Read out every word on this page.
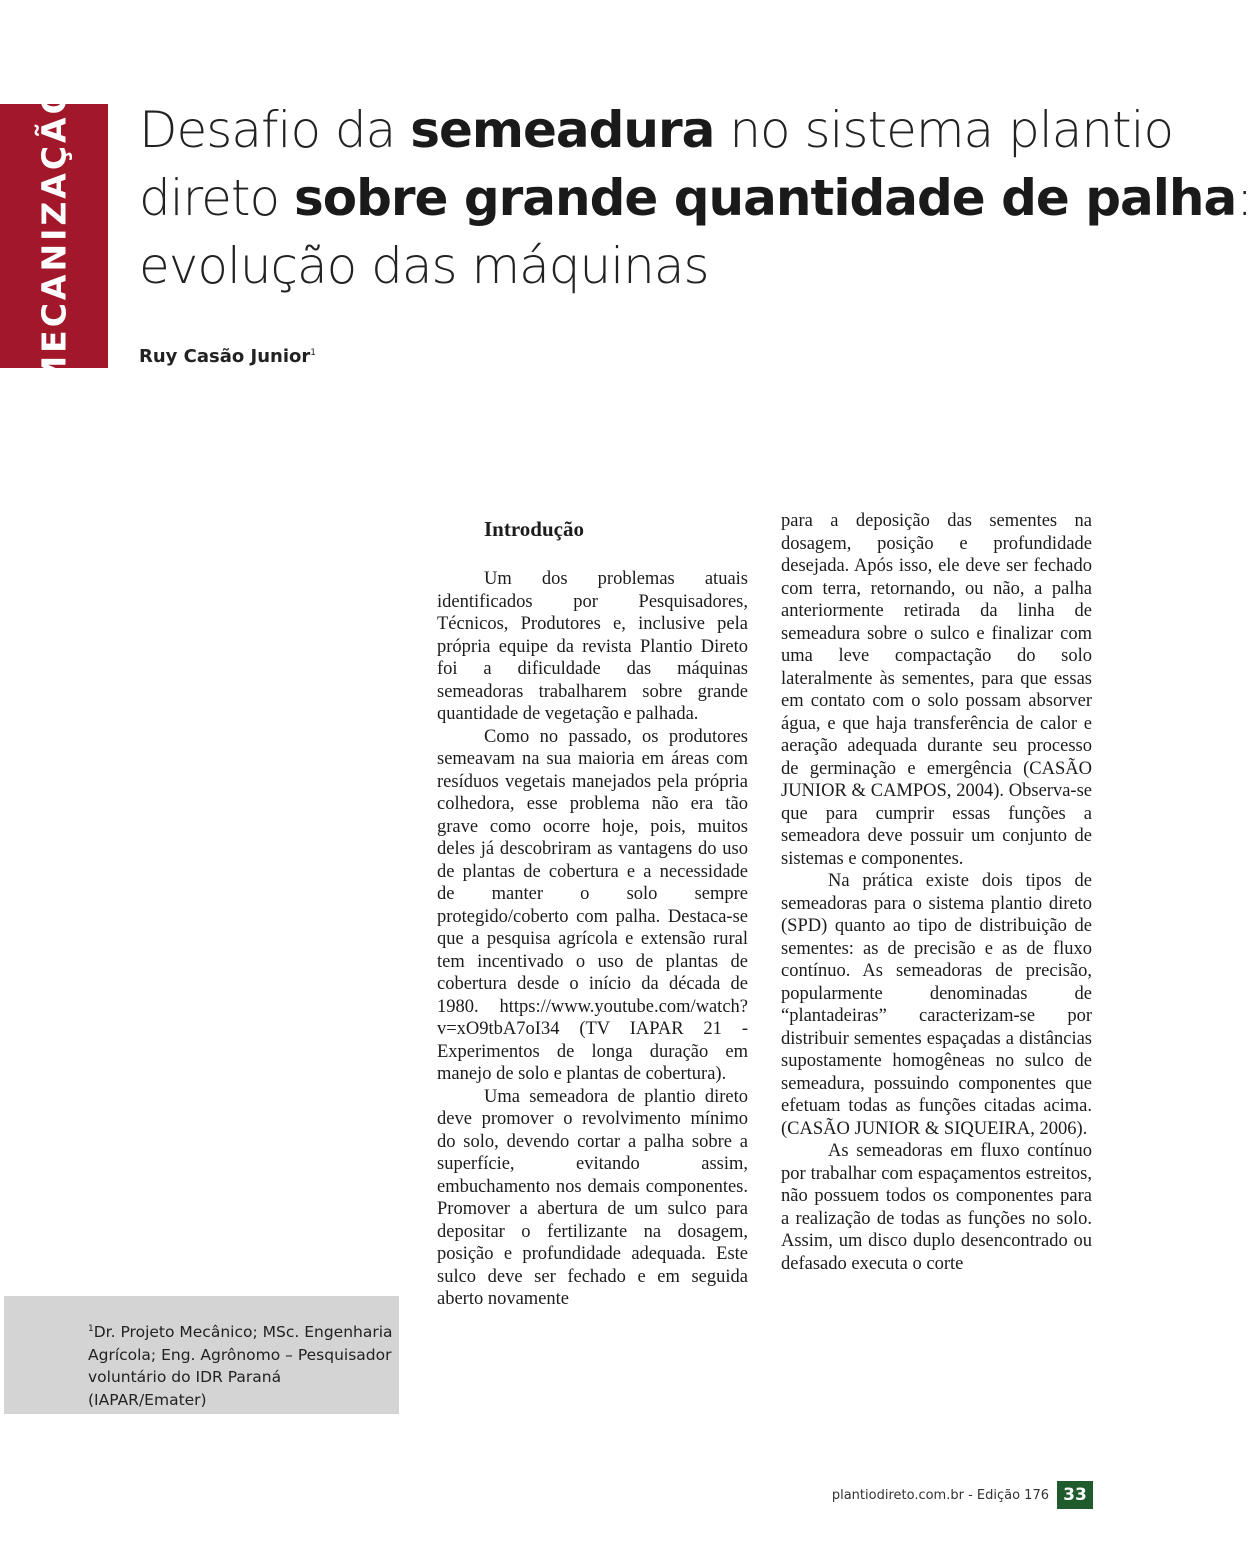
MECANIZAÇÃO Desafio da semeadura no sistema plantio
direto sobre grande quantidade de palha:
evolução das máquinas
Ruy Casão Junior$^1$
$^1$Dr. Projeto Mecânico; MSc. Engenharia Agrícola; Eng. Agrônomo – Pesquisador voluntário do IDR Paraná (IAPAR/Emater)
Introdução

Um dos problemas atuais identificados por Pesquisadores, Técnicos, Produtores e, inclusive pela própria equipe da revista Plantio Direto foi a dificuldade das máquinas semeadoras trabalharem sobre grande quantidade de vegetação e palhada.

Como no passado, os produtores semeavam na sua maioria em áreas com resíduos vegetais manejados pela própria colhedora, esse problema não era tão grave como ocorre hoje, pois, muitos deles já descobriram as vantagens do uso de plantas de cobertura e a necessidade de manter o solo sempre protegido/coberto com palha. Destaca-se que a pesquisa agrícola e extensão rural tem incentivado o uso de plantas de cobertura desde o início da década de 1980. https://www.youtube.com/watch?v=xO9tbA7oI34 (TV IAPAR 21 - Experimentos de longa duração em manejo de solo e plantas de cobertura).

Uma semeadora de plantio direto deve promover o revolvimento mínimo do solo, devendo cortar a palha sobre a superfície, evitando assim, embuchamento nos demais componentes. Promover a abertura de um sulco para depositar o fertilizante na dosagem, posição e profundidade adequada. Este sulco deve ser fechado e em seguida aberto novamente

para a deposição das sementes na dosagem, posição e profundidade desejada. Após isso, ele deve ser fechado com terra, retornando, ou não, a palha anteriormente retirada da linha de semeadura sobre o sulco e finalizar com uma leve compactação do solo lateralmente às sementes, para que essas em contato com o solo possam absorver água, e que haja transferência de calor e aeração adequada durante seu processo de germinação e emergência (CASÃO JUNIOR & CAMPOS, 2004). Observa-se que para cumprir essas funções a semeadora deve possuir um conjunto de sistemas e componentes.

Na prática existe dois tipos de semeadoras para o sistema plantio direto (SPD) quanto ao tipo de distribuição de sementes: as de precisão e as de fluxo contínuo. As semeadoras de precisão, popularmente denominadas de “plantadeiras” caracterizam-se por distribuir sementes espaçadas a distâncias supostamente homogêneas no sulco de semeadura, possuindo componentes que efetuam todas as funções citadas acima. (CASÃO JUNIOR & SIQUEIRA, 2006).

As semeadoras em fluxo contínuo por trabalhar com espaçamentos estreitos, não possuem todos os componentes para a realização de todas as funções no solo. Assim, um disco duplo desencontrado ou defasado executa o corte

plantiodireto.com.br - Edição 176 33
